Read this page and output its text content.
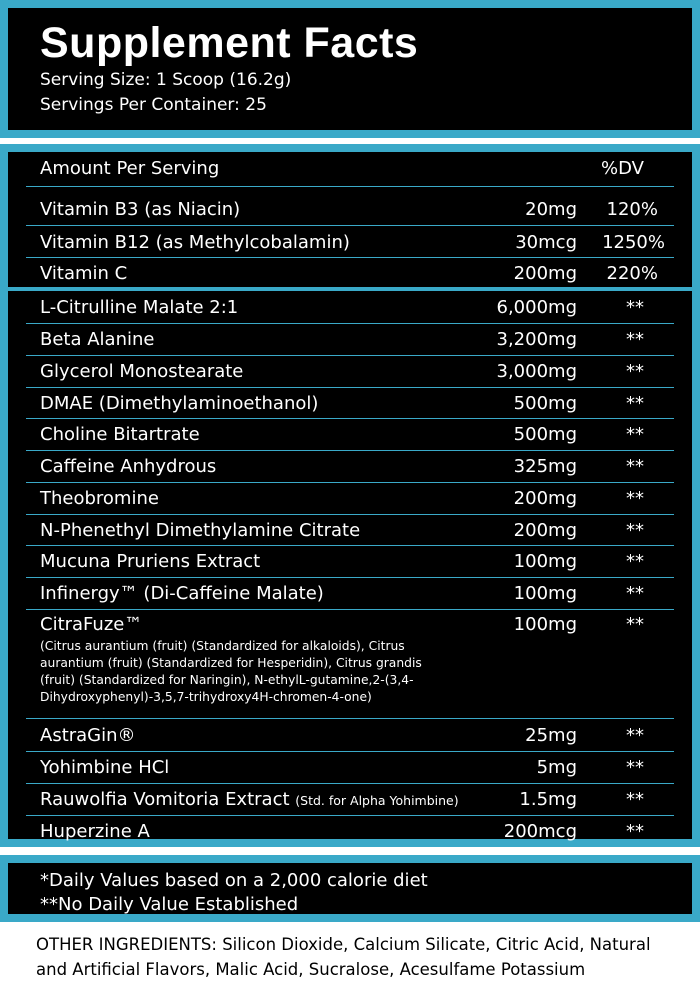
Supplement Facts
Serving Size: 1 Scoop (16.2g)
Servings Per Container: 25
Amount Per Serving	%DV
Vitamin B3 (as Niacin)	20mg 120%
Vitamin B12 (as Methylcobalamin)	30mcg 1250%
Vitamin C	200mg 220%
L-Citrulline Malate 2:1	6,000mg	**
Beta Alanine	3,200mg	**
Glycerol Monostearate	3,000mg	**
DMAE (Dimethylaminoethanol)	500mg	**
Choline Bitartrate	500mg	**
Caffeine Anhydrous	325mg	**
Theobromine	200mg	**
N-Phenethyl Dimethylamine Citrate	200mg	**
Mucuna Pruriens Extract	100mg	**
Infinergy™ (Di-Caffeine Malate)	100mg	**
CitraFuze™	100mg	**
(Citrus aurantium (fruit) (Standardized for alkaloids), Citrus aurantium (fruit) (Standardized for Hesperidin), Citrus grandis (fruit) (Standardized for Naringin), N-ethylL-gutamine,2-(3,4-Dihydroxyphenyl)-3,5,7-trihydroxy4H-chromen-4-one)
AstraGin®	25mg	**
Yohimbine HCl	5mg	**
Rauwolfia Vomitoria Extract (Std. for Alpha Yohimbine)	1.5mg	**
Huperzine A	200mcg	**
*Daily Values based on a 2,000 calorie diet
**No Daily Value Established
OTHER INGREDIENTS: Silicon Dioxide, Calcium Silicate, Citric Acid, Natural and Artificial Flavors, Malic Acid, Sucralose, Acesulfame Potassium
